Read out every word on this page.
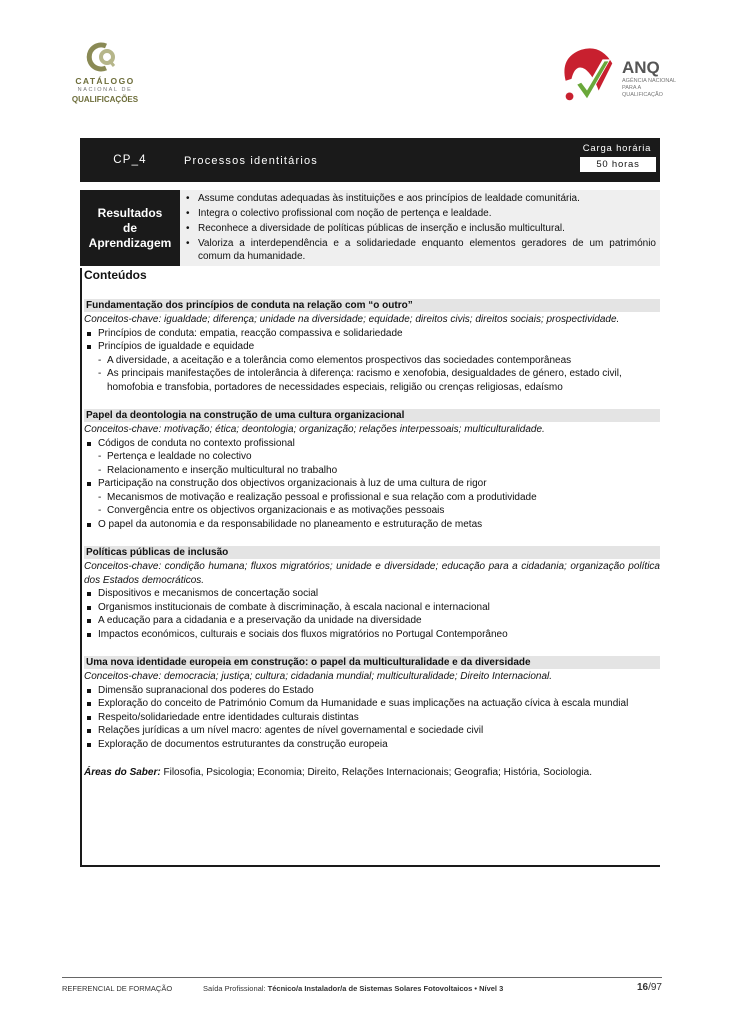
CATÁLOGO
NACIONAL DE
QUALIFICAÇÕES
ANQ
AGÊNCIA NACIONAL PARA A QUALIFICAÇÃO
CP_4	Processos identitários
Carga horária
50 horas
Resultados
de
Aprendizagem
• Assume condutas adequadas às instituições e aos princípios de lealdade comunitária.
• Integra o colectivo profissional com noção de pertença e lealdade.
• Reconhece a diversidade de políticas públicas de inserção e inclusão multicultural.
• Valoriza a interdependência e a solidariedade enquanto elementos geradores de um património comum da humanidade.
Conteúdos
Fundamentação dos princípios de conduta na relação com “o outro”
Conceitos-chave: igualdade; diferença; unidade na diversidade; equidade; direitos civis; direitos sociais; prospectividade.
Princípios de conduta: empatia, reacção compassiva e solidariedade
Princípios de igualdade e equidade
- A diversidade, a aceitação e a tolerância como elementos prospectivos das sociedades contemporâneas
- As principais manifestações de intolerância à diferença: racismo e xenofobia, desigualdades de género, estado civil, homofobia e transfobia, portadores de necessidades especiais, religião ou crenças religiosas, edaísmo
Papel da deontologia na construção de uma cultura organizacional
Conceitos-chave: motivação; ética; deontologia; organização; relações interpessoais; multiculturalidade.
Códigos de conduta no contexto profissional
- Pertença e lealdade no colectivo
- Relacionamento e inserção multicultural no trabalho
Participação na construção dos objectivos organizacionais à luz de uma cultura de rigor
- Mecanismos de motivação e realização pessoal e profissional e sua relação com a produtividade
- Convergência entre os objectivos organizacionais e as motivações pessoais
O papel da autonomia e da responsabilidade no planeamento e estruturação de metas
Políticas públicas de inclusão
Conceitos-chave: condição humana; fluxos migratórios; unidade e diversidade; educação para a cidadania; organização política dos Estados democráticos.
Dispositivos e mecanismos de concertação social
Organismos institucionais de combate à discriminação, à escala nacional e internacional
A educação para a cidadania e a preservação da unidade na diversidade
Impactos económicos, culturais e sociais dos fluxos migratórios no Portugal Contemporâneo
Uma nova identidade europeia em construção: o papel da multiculturalidade e da diversidade
Conceitos-chave: democracia; justiça; cultura; cidadania mundial; multiculturalidade; Direito Internacional.
Dimensão supranacional dos poderes do Estado
Exploração do conceito de Património Comum da Humanidade e suas implicações na actuação cívica à escala mundial
Respeito/solidariedade entre identidades culturais distintas
Relações jurídicas a um nível macro: agentes de nível governamental e sociedade civil
Exploração de documentos estruturantes da construção europeia
Áreas do Saber: Filosofia, Psicologia; Economia; Direito, Relações Internacionais; Geografia; História, Sociologia.
REFERENCIAL DE FORMAÇÃO	Saída Profissional: Técnico/a Instalador/a de Sistemas Solares Fotovoltaicos • Nível 3	16/97
